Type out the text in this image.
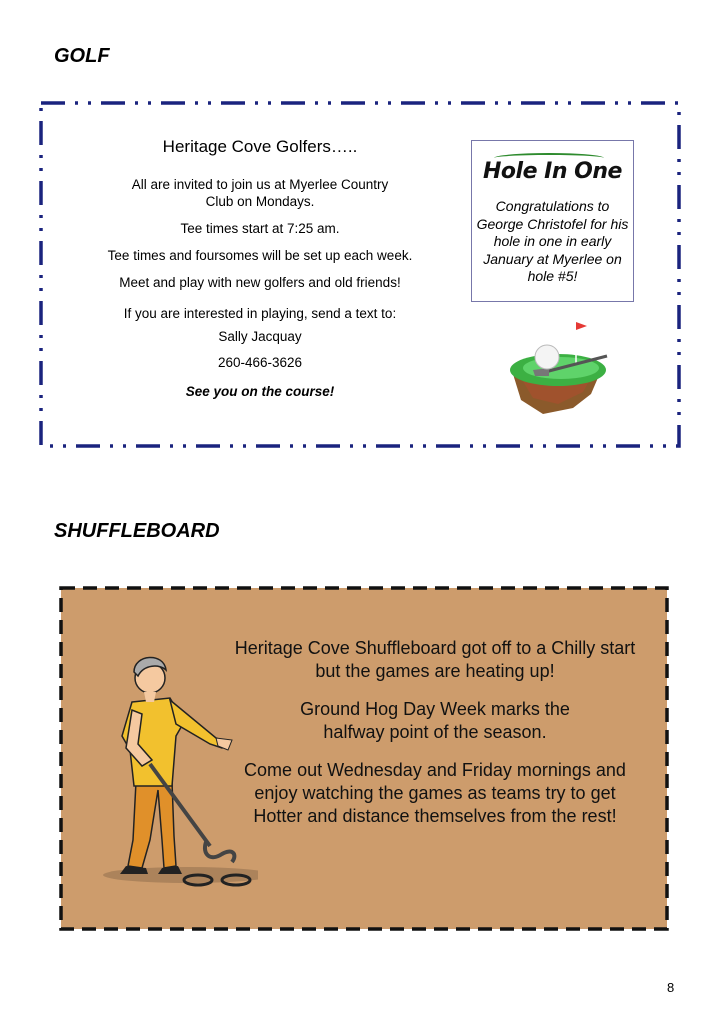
GOLF

Heritage Cove Golfers…..

All are invited to join us at Myerlee Country Club on Mondays.

Tee times start at 7:25 am.

Tee times and foursomes will be set up each week.

Meet and play with new golfers and old friends!

If you are interested in playing, send a text to:

Sally Jacquay

260-466-3626

See you on the course!

Hole In One
Congratulations to George Christofel for his hole in one in early January at Myerlee on hole #5!
SHUFFLEBOARD

Heritage Cove Shuffleboard got off to a Chilly start but the games are heating up!

Ground Hog Day Week marks the halfway point of the season.

Come out Wednesday and Friday mornings and enjoy watching the games as teams try to get Hotter and distance themselves from the rest!

8
